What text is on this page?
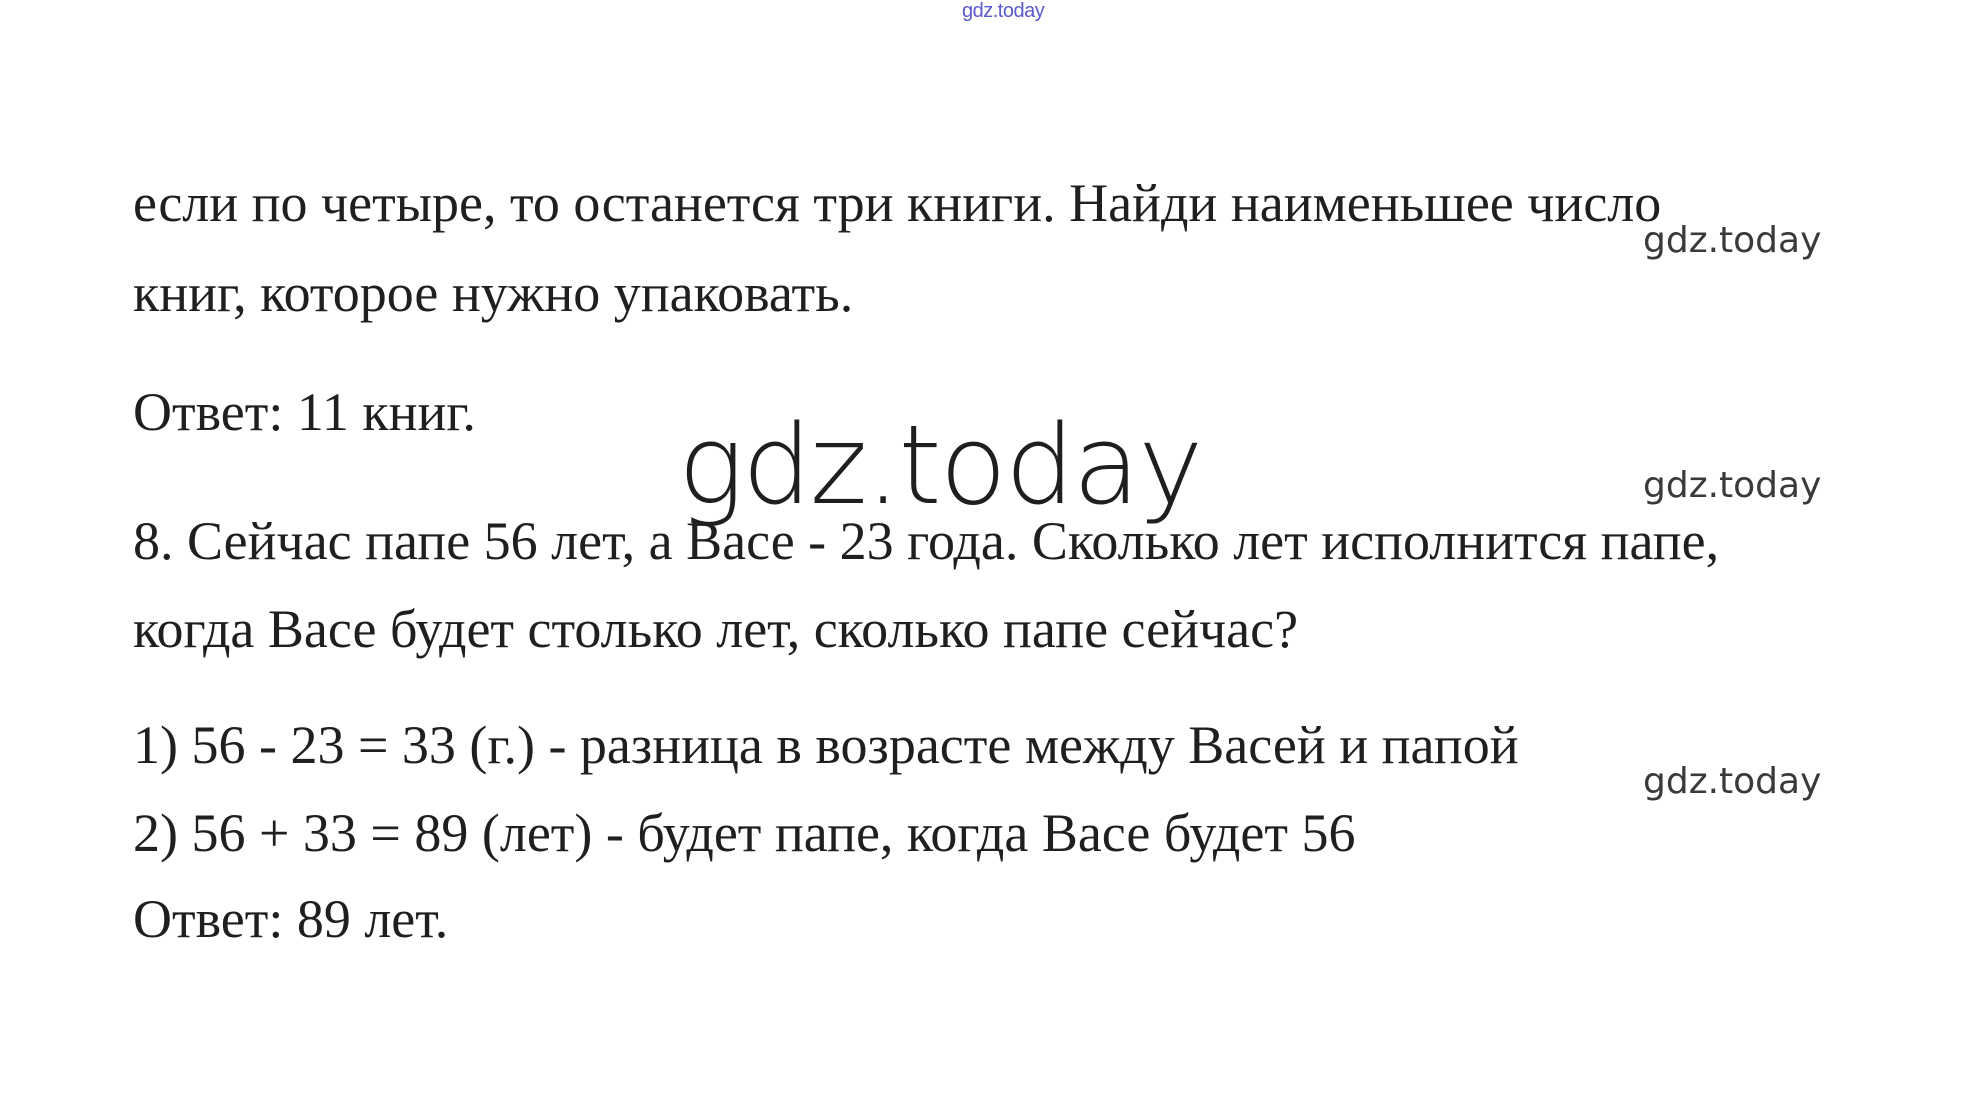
gdz.today
если по четыре, то останется три книги. Найди наименьшее число
gdz.today
книг, которое нужно упаковать.
Ответ: 11 книг. gdz.today	gdz.today
8. Сейчас папе 56 лет, а Васе - 23 года. Сколько лет исполнится папе,
когда Васе будет столько лет, сколько папе сейчас?
1) 56 - 23 = 33 (г.) - разница в возрасте между Васей и папой
gdz.today
2) 56 + 33 = 89 (лет) - будет папе, когда Васе будет 56
Ответ: 89 лет.
